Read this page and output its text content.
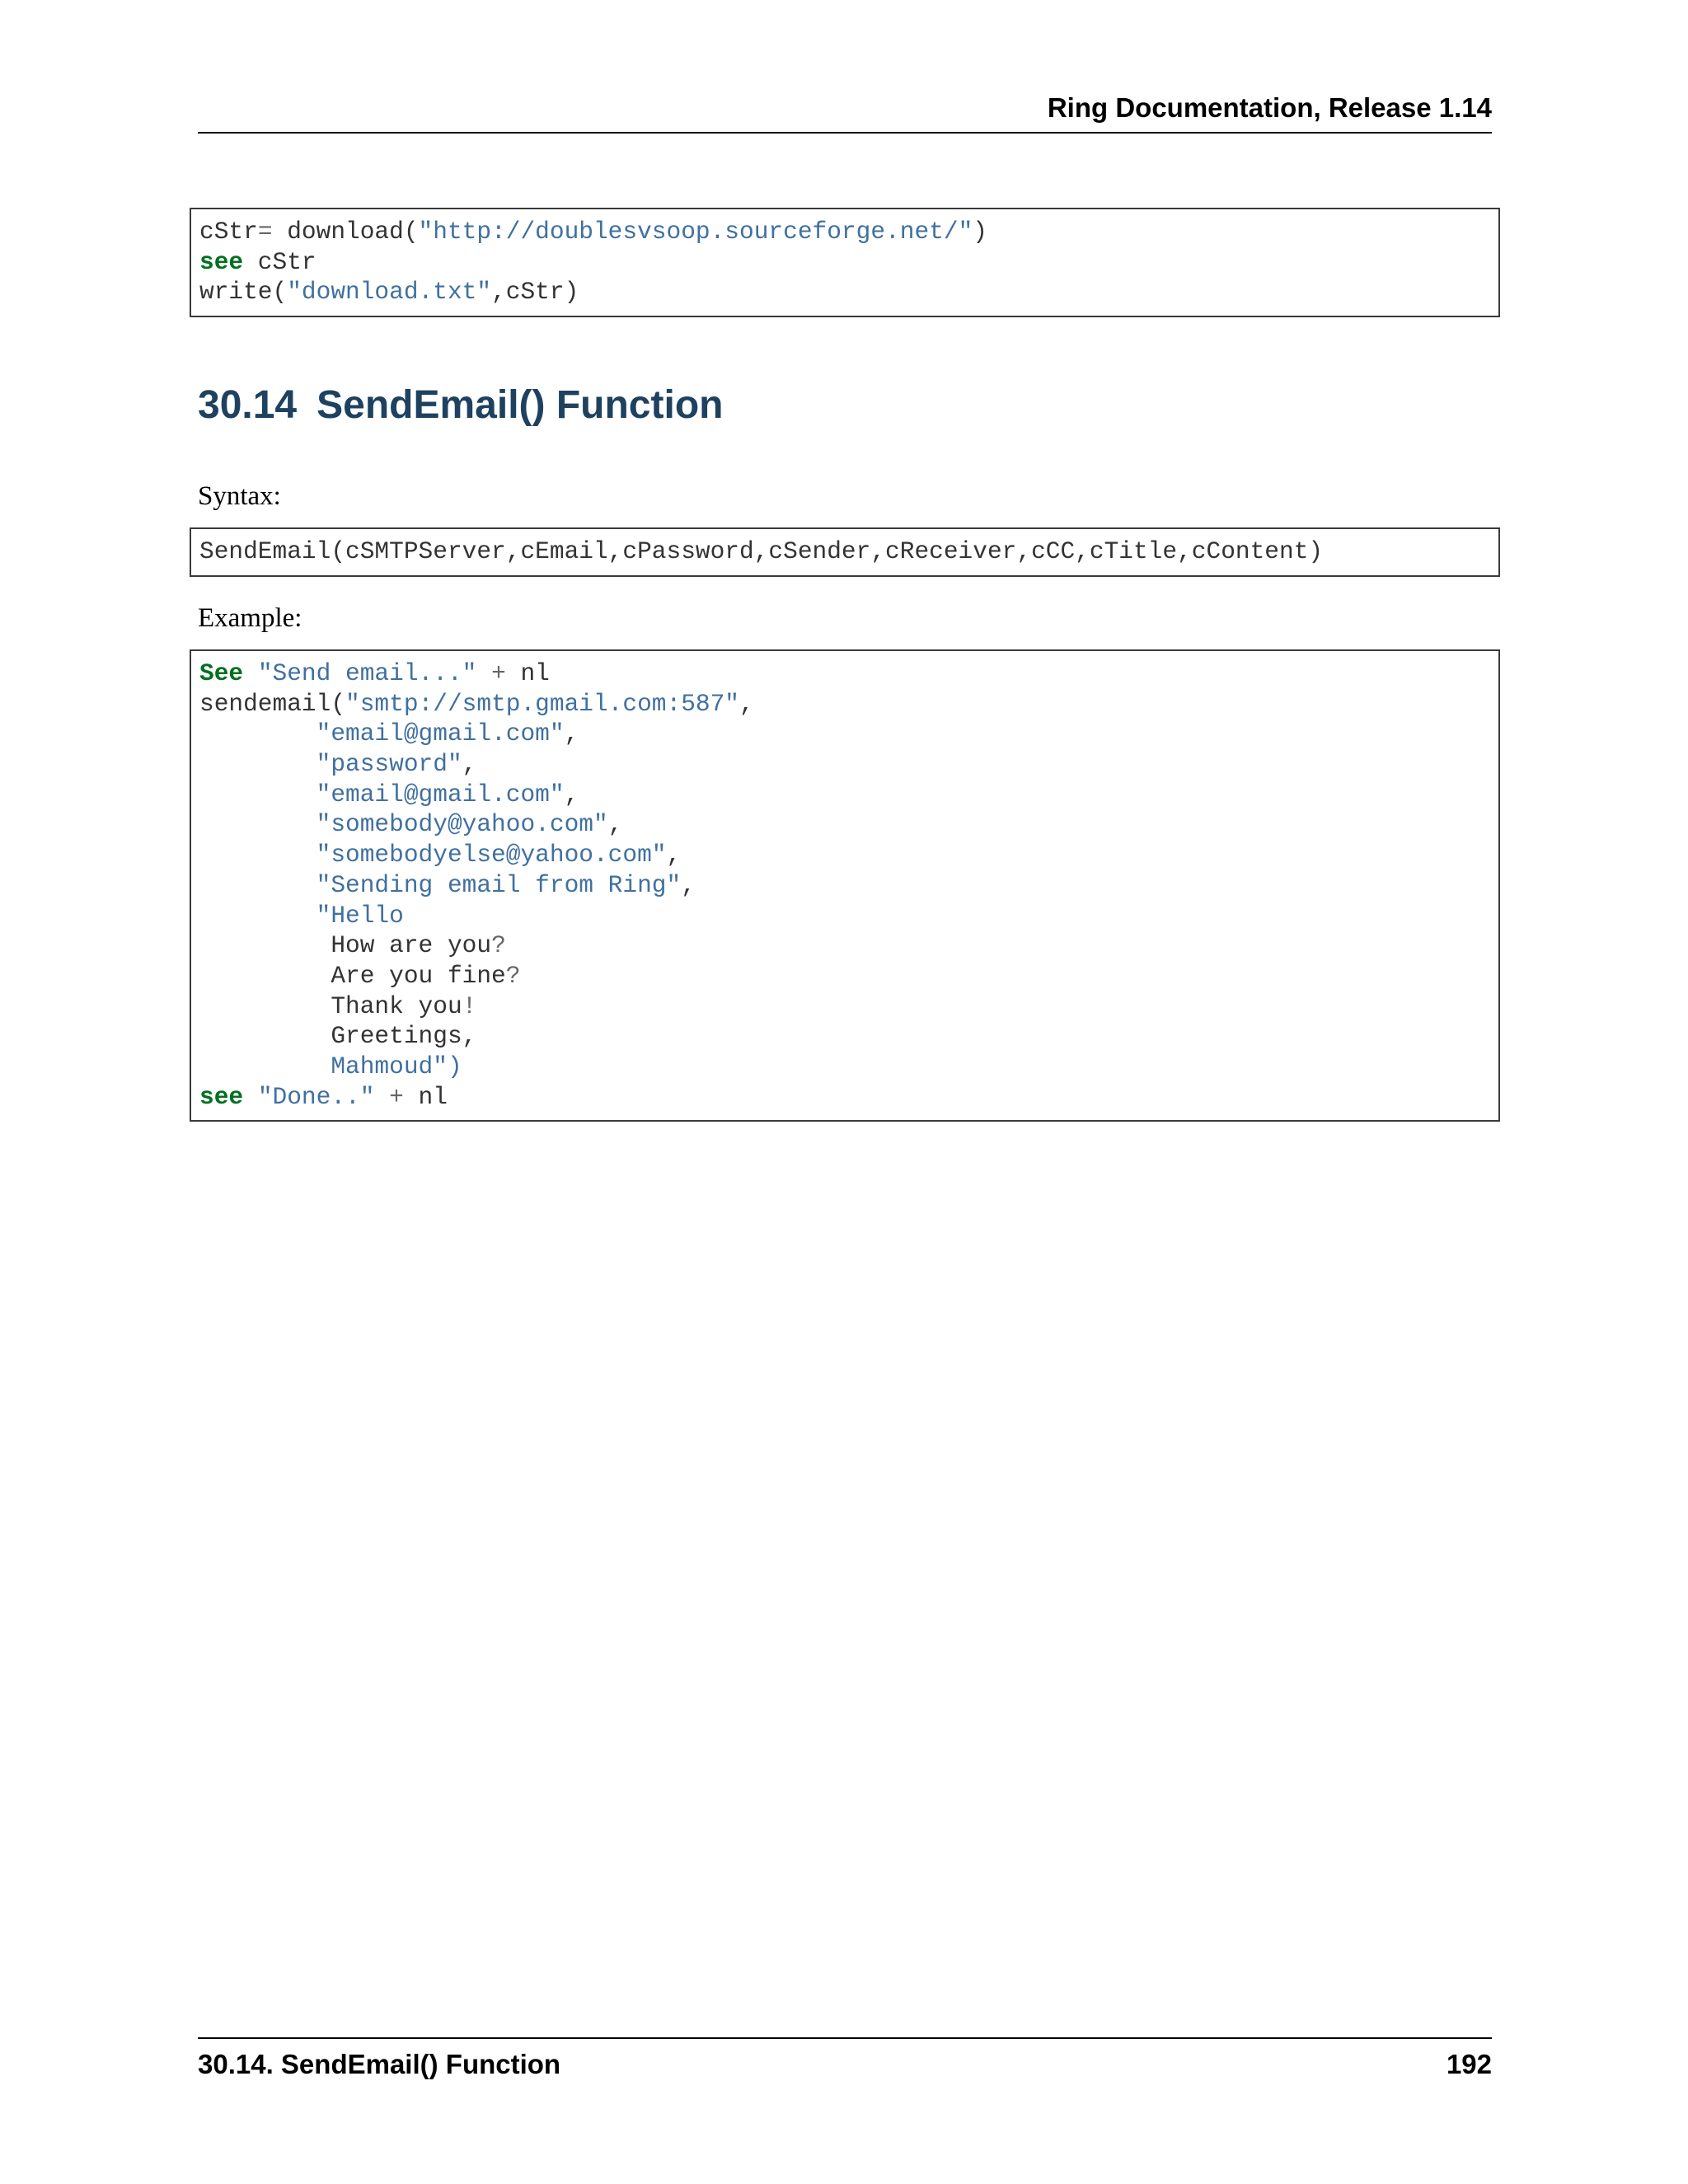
Ring Documentation, Release 1.14
cStr= download("http://doublesvsoop.sourceforge.net/")
see cStr
write("download.txt",cStr)
30.14 SendEmail() Function

Syntax:

SendEmail(cSMTPServer,cEmail,cPassword,cSender,cReceiver,cCC,cTitle,cContent)

Example:

See "Send email..." + nl
sendemail("smtp://smtp.gmail.com:587",
"email@gmail.com",
"password",
"email@gmail.com",
"somebody@yahoo.com",
"somebodyelse@yahoo.com",
"Sending email from Ring",
"Hello
How are you?
Are you fine?
Thank you!
Greetings,
Mahmoud")
see "Done.." + nl
30.14. SendEmail() Function	192
